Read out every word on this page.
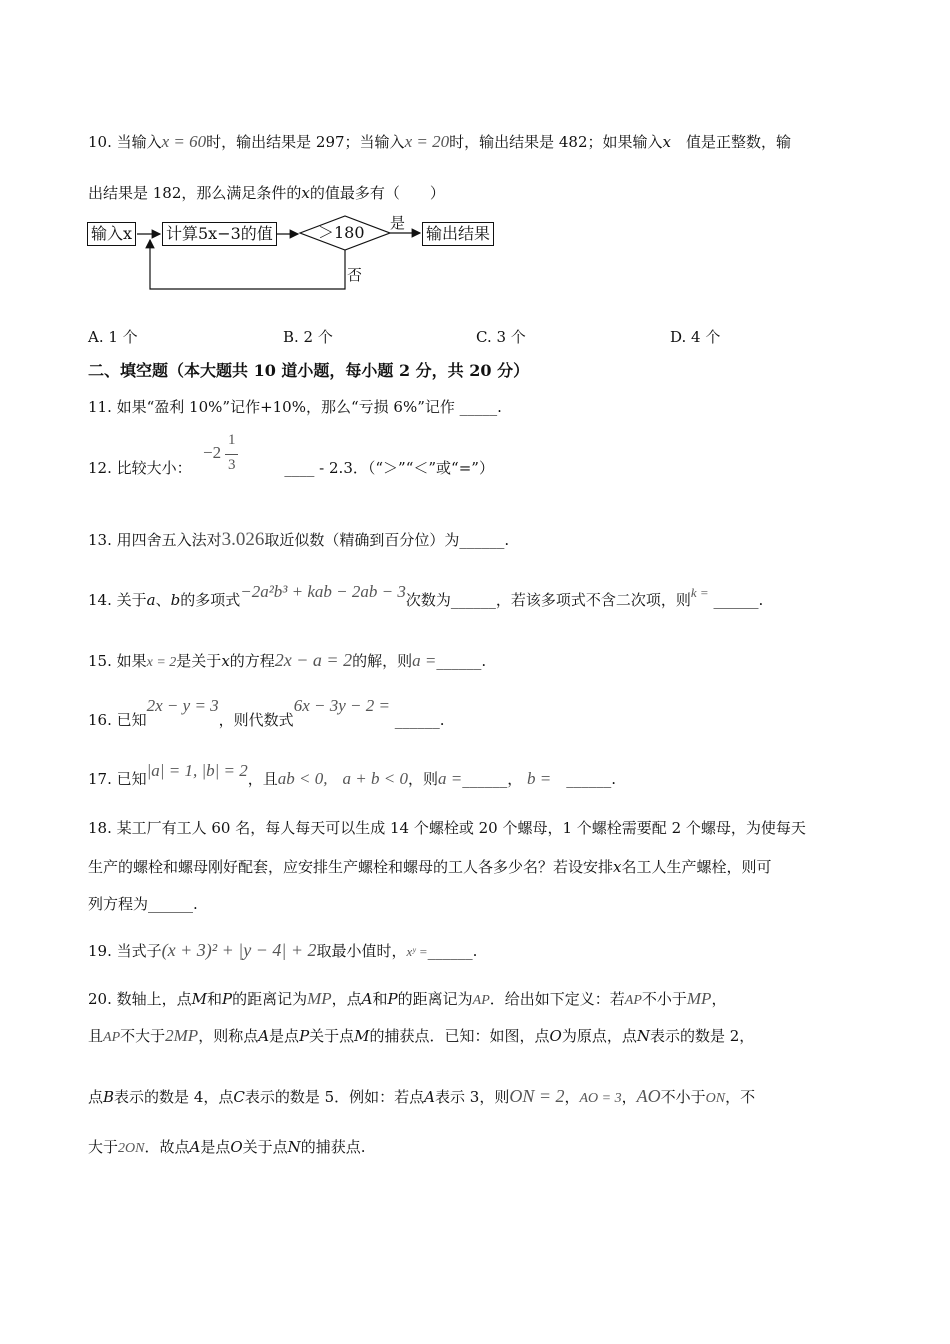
10. 当输入x = 60时，输出结果是 297；当输入x = 20时，输出结果是 482；如果输入x　 值是正整数，输
出结果是 182，那么满足条件的x的值最多有（　　）
输入x 计算5x−3的值	＞180	输出结果
是
否
A. 1 个	B. 2 个	C. 3 个	D. 4 个
二、填空题（本大题共 10 道小题，每小题 2 分，共 20 分）
11. 如果“盈利 10%”记作+10%，那么“亏损 6%”记作 _____.
12. 比较大小：	____ - 2.3．（“＞”“＜”或“=”）
−2
1
3
13. 用四舍五入法对3.026取近似数（精确到百分位）为______.
14. 关于a、b的多项式−2a²b³ + kab − 2ab − 3次数为______，若该多项式不含二次项，则k = ______.
15. 如果x = 2是关于x的方程2x − a = 2的解，则a =______.
16. 已知2x − y = 3，则代数式6x − 3y − 2 = ______.
17. 已知|a| = 1, |b| = 2，且ab < 0,　 a + b < 0，则a =______， b =　 ______.
18. 某工厂有工人 60 名，每人每天可以生成 14 个螺栓或 20 个螺母，1 个螺栓需要配 2 个螺母，为使每天
生产的螺栓和螺母刚好配套，应安排生产螺栓和螺母的工人各多少名？若设安排x名工人生产螺栓，则可
列方程为______.
19. 当式子(x + 3)² + |y − 4| + 2取最小值时，xʸ =______.
20. 数轴上，点M和P的距离记为MP，点A和P的距离记为AP．给出如下定义：若AP不小于MP，
且AP不大于2MP，则称点A是点P关于点M的捕获点．已知：如图，点O为原点，点N表示的数是 2，
点B表示的数是 4，点C表示的数是 5．例如：若点A表示 3，则ON = 2，AO = 3，AO不小于ON，不
大于2ON．故点A是点O关于点N的捕获点.
